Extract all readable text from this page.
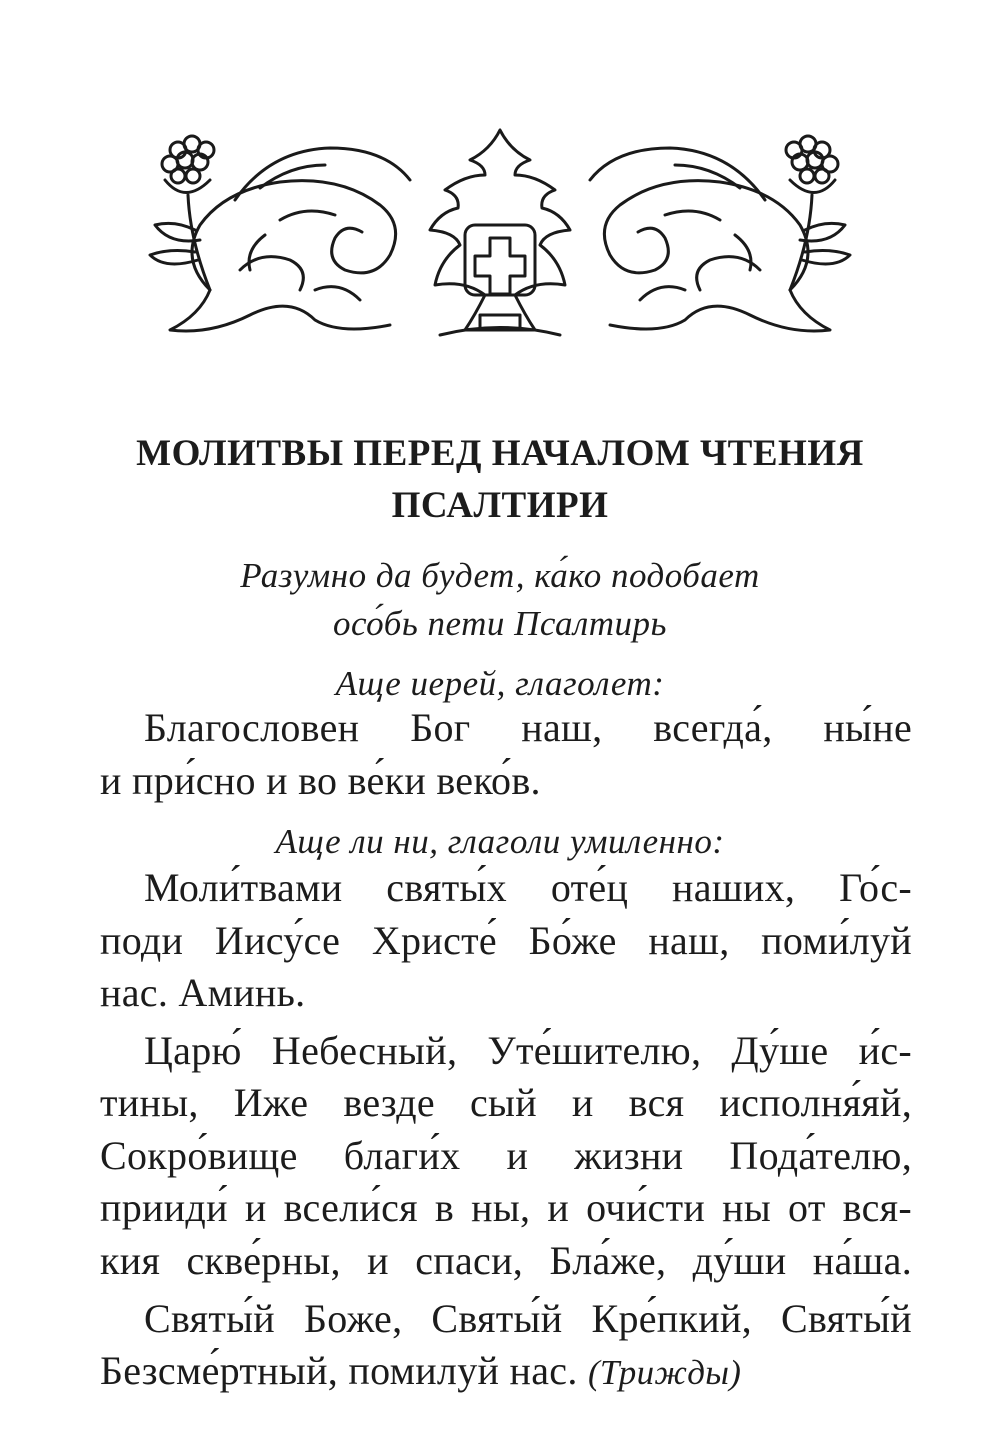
МОЛИТВЫ ПЕРЕД НАЧАЛОМ ЧТЕНИЯ
ПСАЛТИРИ
Разумно да будет, ка́ко подобает
осо́бь пети Псалтирь
Аще иерей, глаголет:
Благословен Бог наш, всегда́, ны́не
и при́сно и во ве́ки веко́в.
Аще ли ни, глаголи умиленно:
Моли́твами святы́х оте́ц наших, Го́с-
поди Иису́се Христе́ Бо́же наш, поми́луй
нас. Аминь.
Царю́ Небесный, Уте́шителю, Ду́ше и́с-
тины, Иже везде сый и вся исполня́яй,
Сокро́вище благи́х и жизни Пода́телю,
прииди́ и всели́ся в ны, и очи́сти ны от вся-
кия скве́рны, и спаси, Бла́же, ду́ши на́ша.
Святы́й Боже, Святы́й Кре́пкий, Святы́й
Безсме́ртный, помилуй нас. (Трижды)
